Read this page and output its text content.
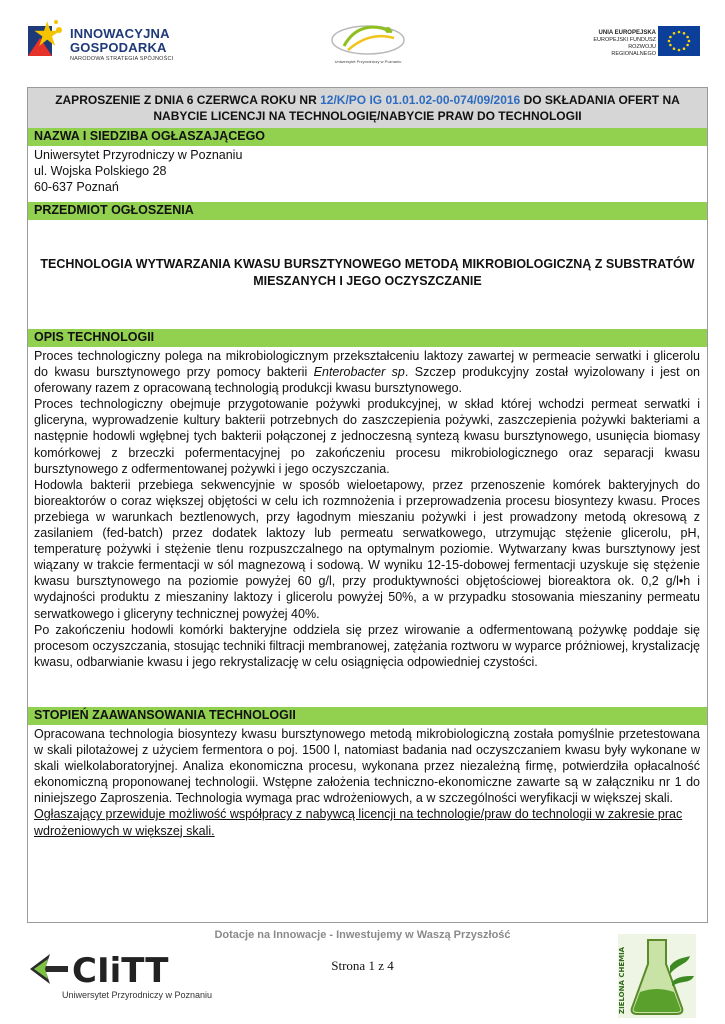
INNOWACYJNA
GOSPODARKA
NARODOWA STRATEGIA SPÓJNOŚCI	Uniwersytet Przyrodniczy w Poznaniu
UNIA EUROPEJSKA
EUROPEJSKI FUNDUSZ
ROZWOJU REGIONALNEGO
ZAPROSZENIE Z DNIA 6 CZERWCA ROKU NR 12/K/PO IG 01.01.02-00-074/09/2016 DO SKŁADANIA OFERT NA
NABYCIE LICENCJI NA TECHNOLOGIĘ/NABYCIE PRAW DO TECHNOLOGII
NAZWA I SIEDZIBA OGŁASZAJĄCEGO
Uniwersytet Przyrodniczy w Poznaniu
ul. Wojska Polskiego 28
60-637 Poznań
PRZEDMIOT OGŁOSZENIA
TECHNOLOGIA WYTWARZANIA KWASU BURSZTYNOWEGO METODĄ MIKROBIOLOGICZNĄ Z SUBSTRATÓW
MIESZANYCH I JEGO OCZYSZCZANIE
OPIS TECHNOLOGII

Proces technologiczny polega na mikrobiologicznym przekształceniu laktozy zawartej w permeacie serwatki i glicerolu do kwasu bursztynowego przy pomocy bakterii Enterobacter sp. Szczep produkcyjny został wyizolowany i jest on oferowany razem z opracowaną technologią produkcji kwasu bursztynowego.

Proces technologiczny obejmuje przygotowanie pożywki produkcyjnej, w skład której wchodzi permeat serwatki i gliceryna, wyprowadzenie kultury bakterii potrzebnych do zaszczepienia pożywki, zaszczepienia pożywki bakteriami a następnie hodowli wgłębnej tych bakterii połączonej z jednoczesną syntezą kwasu bursztynowego, usunięcia biomasy komórkowej z brzeczki pofermentacyjnej po zakończeniu procesu mikrobiologicznego oraz separacji kwasu bursztynowego z odfermentowanej pożywki i jego oczyszczania.

Hodowla bakterii przebiega sekwencyjnie w sposób wieloetapowy, przez przenoszenie komórek bakteryjnych do bioreaktorów o coraz większej objętości w celu ich rozmnożenia i przeprowadzenia procesu biosyntezy kwasu. Proces przebiega w warunkach beztlenowych, przy łagodnym mieszaniu pożywki i jest prowadzony metodą okresową z zasilaniem (fed-batch) przez dodatek laktozy lub permeatu serwatkowego, utrzymując stężenie glicerolu, pH, temperaturę pożywki i stężenie tlenu rozpuszczalnego na optymalnym poziomie. Wytwarzany kwas bursztynowy jest wiązany w trakcie fermentacji w sól magnezową i sodową. W wyniku 12-15-dobowej fermentacji uzyskuje się stężenie kwasu bursztynowego na poziomie powyżej 60 g/l, przy produktywności objętościowej bioreaktora ok. 0,2 g/l•h i wydajności produktu z mieszaniny laktozy i glicerolu powyżej 50%, a w przypadku stosowania mieszaniny permeatu serwatkowego i gliceryny technicznej powyżej 40%.

Po zakończeniu hodowli komórki bakteryjne oddziela się przez wirowanie a odfermentowaną pożywkę poddaje się procesom oczyszczania, stosując techniki filtracji membranowej, zatężania roztworu w wyparce próżniowej, krystalizację kwasu, odbarwianie kwasu i jego rekrystalizację w celu osiągnięcia odpowiedniej czystości.

STOPIEŃ ZAAWANSOWANIA TECHNOLOGII

Opracowana technologia biosyntezy kwasu bursztynowego metodą mikrobiologiczną została pomyślnie przetestowana w skali pilotażowej z użyciem fermentora o poj. 1500 l, natomiast badania nad oczyszczaniem kwasu były wykonane w skali wielkolaboratoryjnej. Analiza ekonomiczna procesu, wykonana przez niezależną firmę, potwierdziła opłacalność ekonomiczną proponowanej technologii. Wstępne założenia techniczno-ekonomiczne zawarte są w załączniku nr 1 do niniejszego Zaproszenia. Technologia wymaga prac wdrożeniowych, a w szczególności weryfikacji w większej skali.

Ogłaszający przewiduje możliwość współpracy z nabywcą licencji na technologie/praw do technologii w zakresie prac wdrożeniowych w większej skali.

Dotacje na Innowacje - Inwestujemy w Waszą Przyszłość
CIiTT
Uniwersytet Przyrodniczy w Poznaniu
Strona 1 z 4	ZIELONA CHEMIA
